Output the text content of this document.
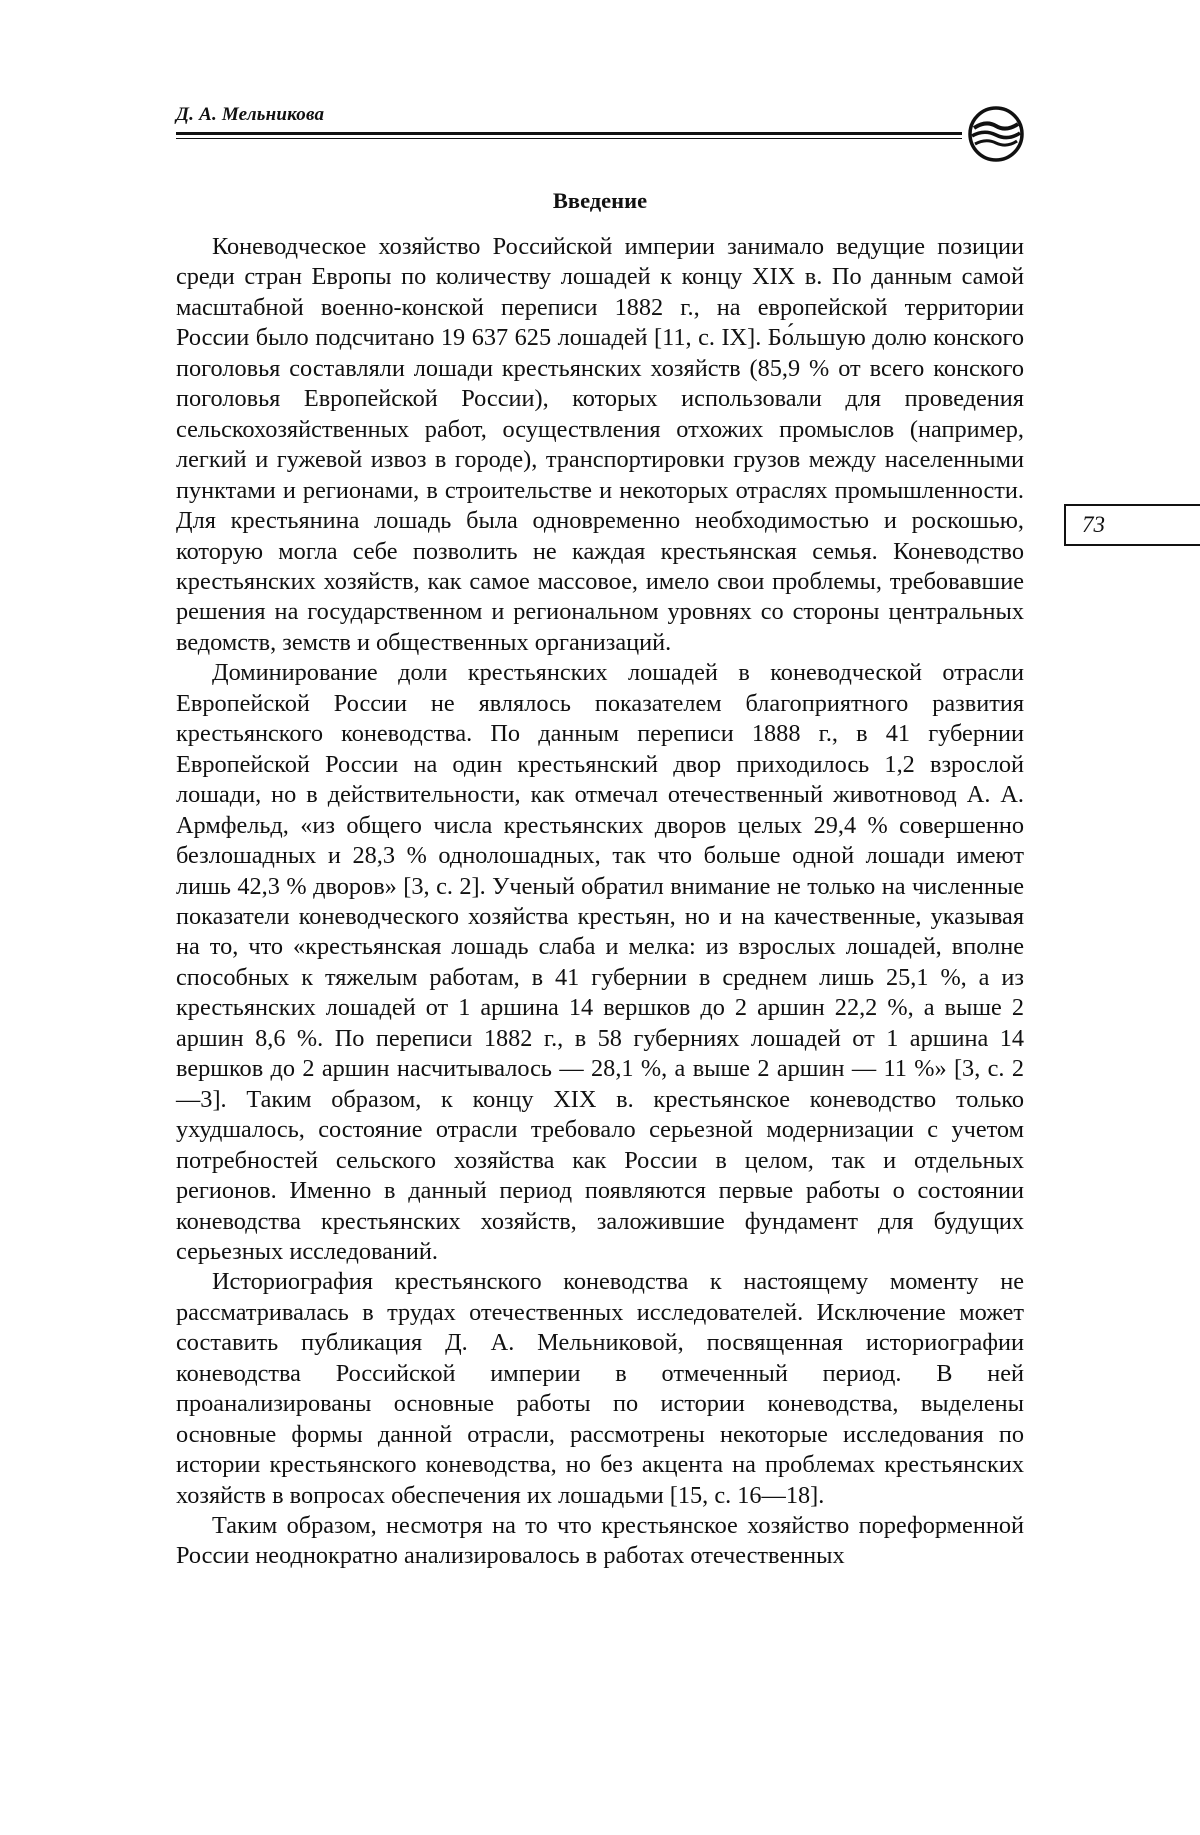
Д. А. Мельникова
Введение

Коневодческое хозяйство Российской империи занимало ведущие позиции среди стран Европы по количеству лошадей к концу XIX в. По данным самой масштабной военно-конской переписи 1882 г., на европейской территории России было подсчитано 19 637 625 лошадей [11, с. IX]. Бо́льшую долю конского поголовья составляли лошади крестьянских хозяйств (85,9 % от всего конского поголовья Европейской России), которых использовали для проведения сельскохозяйственных работ, осуществления отхожих промыслов (например, легкий и гужевой извоз в городе), транспортировки грузов между населенными пунктами и регионами, в строительстве и некоторых отраслях промышленности. Для крестьянина лошадь была одновременно необходимостью и роскошью, которую могла себе позволить не каждая крестьянская семья. Коневодство крестьянских хозяйств, как самое массовое, имело свои проблемы, требовавшие решения на государственном и региональном уровнях со стороны центральных ведомств, земств и общественных организаций.

Доминирование доли крестьянских лошадей в коневодческой отрасли Европейской России не являлось показателем благоприятного развития крестьянского коневодства. По данным переписи 1888 г., в 41 губернии Европейской России на один крестьянский двор приходилось 1,2 взрослой лошади, но в действительности, как отмечал отечественный животновод А. А. Армфельд, «из общего числа крестьянских дворов целых 29,4 % совершенно безлошадных и 28,3 % однолошадных, так что больше одной лошади имеют лишь 42,3 % дворов» [3, с. 2]. Ученый обратил внимание не только на численные показатели коневодческого хозяйства крестьян, но и на качественные, указывая на то, что «крестьянская лошадь слаба и мелка: из взрослых лошадей, вполне способных к тяжелым работам, в 41 губернии в среднем лишь 25,1 %, а из крестьянских лошадей от 1 аршина 14 вершков до 2 аршин 22,2 %, а выше 2 аршин 8,6 %. По переписи 1882 г., в 58 губерниях лошадей от 1 аршина 14 вершков до 2 аршин насчитывалось — 28,1 %, а выше 2 аршин — 11 %» [3, с. 2—3]. Таким образом, к концу XIX в. крестьянское коневодство только ухудшалось, состояние отрасли требовало серьезной модернизации с учетом потребностей сельского хозяйства как России в целом, так и отдельных регионов. Именно в данный период появляются первые работы о состоянии коневодства крестьянских хозяйств, заложившие фундамент для будущих серьезных исследований.

Историография крестьянского коневодства к настоящему моменту не рассматривалась в трудах отечественных исследователей. Исключение может составить публикация Д. А. Мельниковой, посвященная историографии коневодства Российской империи в отмеченный период. В ней проанализированы основные работы по истории коневодства, выделены основные формы данной отрасли, рассмотрены некоторые исследования по истории крестьянского коневодства, но без акцента на проблемах крестьянских хозяйств в вопросах обеспечения их лошадьми [15, с. 16—18].

Таким образом, несмотря на то что крестьянское хозяйство пореформенной России неоднократно анализировалось в работах отечественных

73
